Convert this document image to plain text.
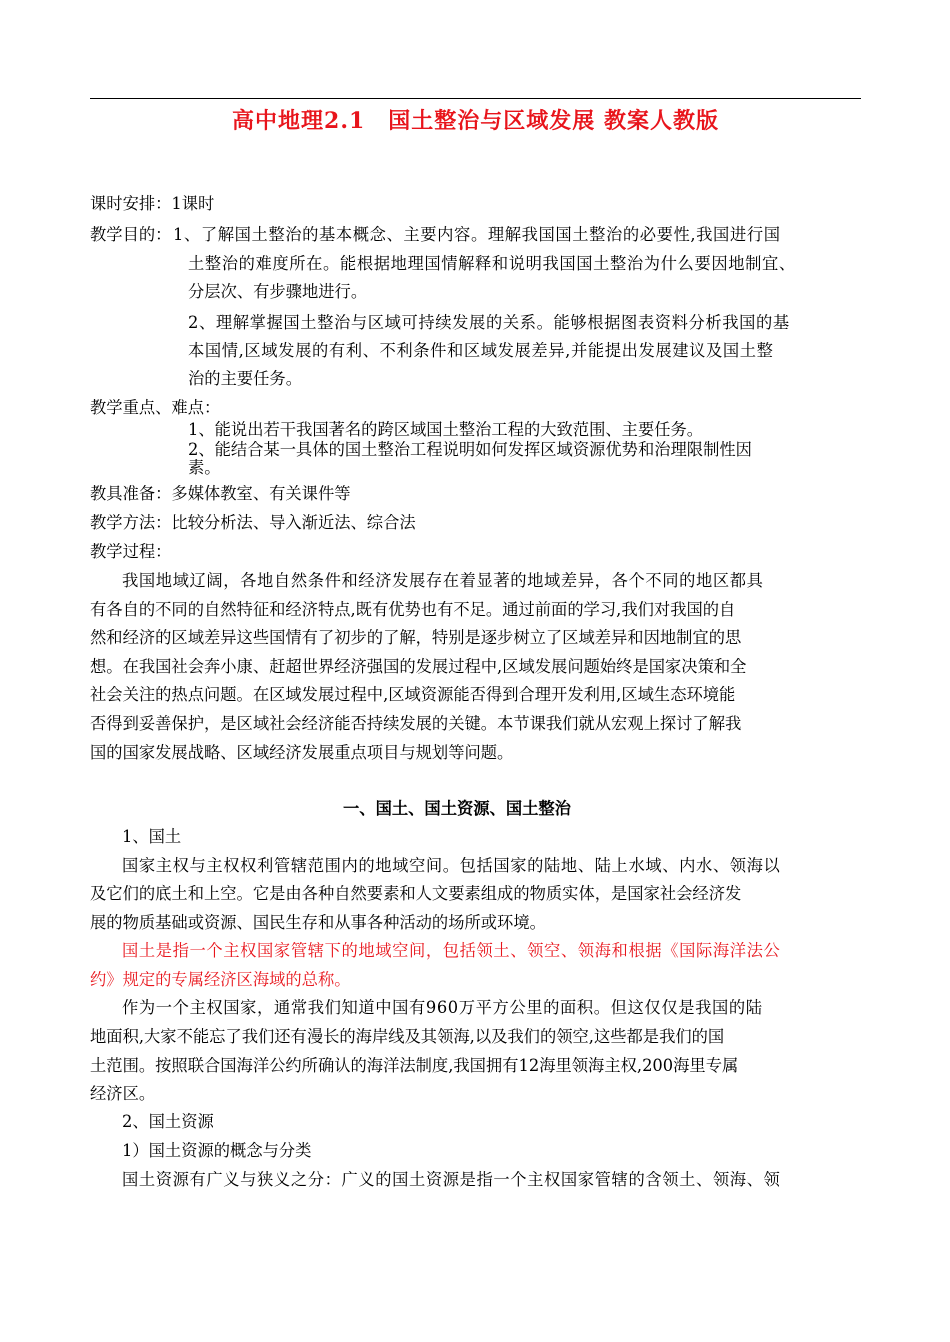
高中地理2.1　国土整治与区域发展 教案人教版
课时安排：1课时
教学目的： 1、了解国土整治的基本概念、主要内容。理解我国国土整治的必要性,我国进行国
土整治的难度所在。能根据地理国情解释和说明我国国土整治为什么要因地制宜、
分层次、有步骤地进行。
2、理解掌握国土整治与区域可持续发展的关系。能够根据图表资料分析我国的基
本国情,区域发展的有利、不利条件和区域发展差异,并能提出发展建议及国土整
治的主要任务。
教学重点、难点：
1、能说出若干我国著名的跨区域国土整治工程的大致范围、主要任务。
2、能结合某一具体的国土整治工程说明如何发挥区域资源优势和治理限制性因
素。
教具准备：多媒体教室、有关课件等
教学方法：比较分析法、导入渐近法、综合法
教学过程：
我国地域辽阔，各地自然条件和经济发展存在着显著的地域差异，各个不同的地区都具
有各自的不同的自然特征和经济特点,既有优势也有不足。通过前面的学习,我们对我国的自
然和经济的区域差异这些国情有了初步的了解，特别是逐步树立了区域差异和因地制宜的思
想。在我国社会奔小康、赶超世界经济强国的发展过程中,区域发展问题始终是国家决策和全
社会关注的热点问题。在区域发展过程中,区域资源能否得到合理开发利用,区域生态环境能
否得到妥善保护，是区域社会经济能否持续发展的关键。本节课我们就从宏观上探讨了解我
国的国家发展战略、区域经济发展重点项目与规划等问题。
一、国土、国土资源、国土整治
1、国土
国家主权与主权权利管辖范围内的地域空间。包括国家的陆地、陆上水域、内水、领海以
及它们的底土和上空。它是由各种自然要素和人文要素组成的物质实体，是国家社会经济发
展的物质基础或资源、国民生存和从事各种活动的场所或环境。
国土是指一个主权国家管辖下的地域空间，包括领土、领空、领海和根据《国际海洋法公
约》规定的专属经济区海域的总称。
作为一个主权国家，通常我们知道中国有960万平方公里的面积。但这仅仅是我国的陆
地面积,大家不能忘了我们还有漫长的海岸线及其领海,以及我们的领空,这些都是我们的国
土范围。按照联合国海洋公约所确认的海洋法制度,我国拥有12海里领海主权,200海里专属
经济区。
2、国土资源
1）国土资源的概念与分类
国土资源有广义与狭义之分：广义的国土资源是指一个主权国家管辖的含领土、领海、领
